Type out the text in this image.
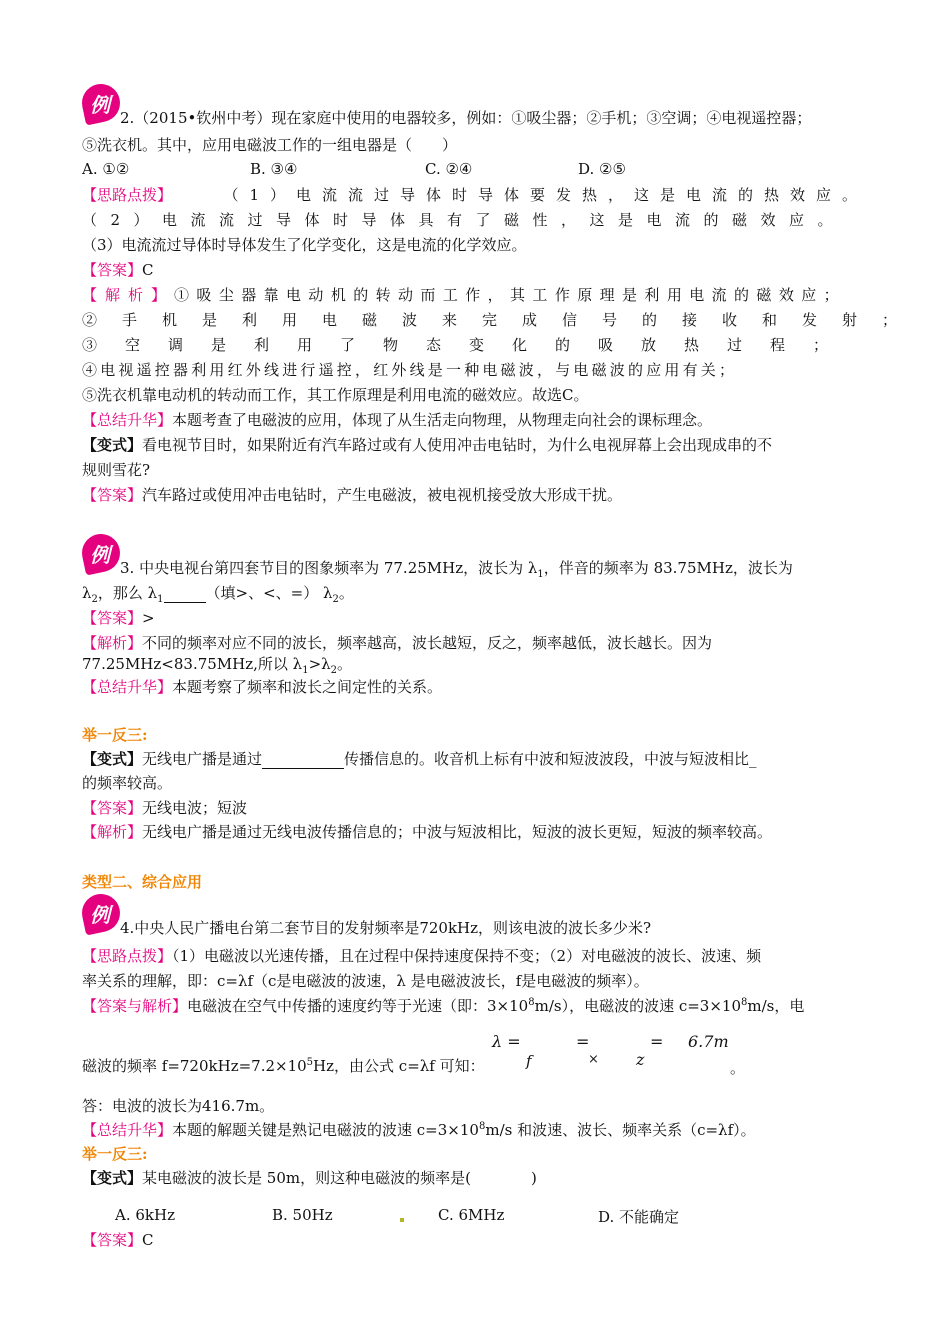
例
2.（2015•钦州中考）现在家庭中使用的电器较多，例如：①吸尘器；②手机；③空调；④电视遥控器；
⑤洗衣机。其中，应用电磁波工作的一组电器是（　　）
A. ①②	B. ③④	C. ②④	D. ②⑤
【思路点拨】	（1）电流流过导体时导体要发热，这是电流的热效应。
（2）电流流过导体时导体具有了磁性，这是电流的磁效应。
（3）电流流过导体时导体发生了化学变化，这是电流的化学效应。
【答案】C
【解析】①吸尘器靠电动机的转动而工作，其工作原理是利用电流的磁效应；
②手机是利用电磁波来完成信号的接收和发射；
③空调是利用了物态变化的吸放热过程；
④电视遥控器利用红外线进行遥控，红外线是一种电磁波，与电磁波的应用有关；
⑤洗衣机靠电动机的转动而工作，其工作原理是利用电流的磁效应。故选C。
【总结升华】本题考查了电磁波的应用，体现了从生活走向物理，从物理走向社会的课标理念。
【变式】看电视节目时，如果附近有汽车路过或有人使用冲击电钻时，为什么电视屏幕上会出现成串的不
规则雪花?
【答案】汽车路过或使用冲击电钻时，产生电磁波，被电视机接受放大形成干扰。
例
3. 中央电视台第四套节目的图象频率为 77.25MHz，波长为 $\lambda_1$，伴音的频率为 83.75MHz，波长为
$\lambda_2$，那么 $\lambda_1$	（填>、<、=） $\lambda_2$。
【答案】>
【解析】不同的频率对应不同的波长，频率越高，波长越短，反之，频率越低，波长越长。因为
77.25MHz<83.75MHz,所以 $\lambda_1>\lambda_2$。
【总结升华】本题考察了频率和波长之间定性的关系。
举一反三:
【变式】无线电广播是通过	传播信息的。收音机上标有中波和短波波段，中波与短波相比_
的频率较高。
【答案】无线电波；短波
【解析】无线电广播是通过无线电波传播信息的；中波与短波相比，短波的波长更短，短波的频率较高。
类型二、综合应用
例
4.中央人民广播电台第二套节目的发射频率是720kHz，则该电波的波长多少米?
【思路点拨】（1）电磁波以光速传播，且在过程中保持速度保持不变；（2）对电磁波的波长、波速、频
率关系的理解，即：c=λf（c是电磁波的波速，λ 是电磁波波长，f是电磁波的频率）。
【答案与解析】电磁波在空气中传播的速度约等于光速（即：$3\times 10^8m/s$），电磁波的波速 $c=3\times 10^8m/s$，电
λ =
f
=
×
=
z
6.7m
磁波的频率 $f=720kHz=7.2\times 10^5Hz$，由公式 c=λf 可知：	。
答：电波的波长为416.7m。
【总结升华】本题的解题关键是熟记电磁波的波速 $c=3\times 10^8m/s$ 和波速、波长、频率关系（c=λf）。
举一反三:
【变式】某电磁波的波长是 50m，则这种电磁波的频率是(　　　　)
A. 6kHz	B. 50Hz	C. 6MHz	D. 不能确定
【答案】C
